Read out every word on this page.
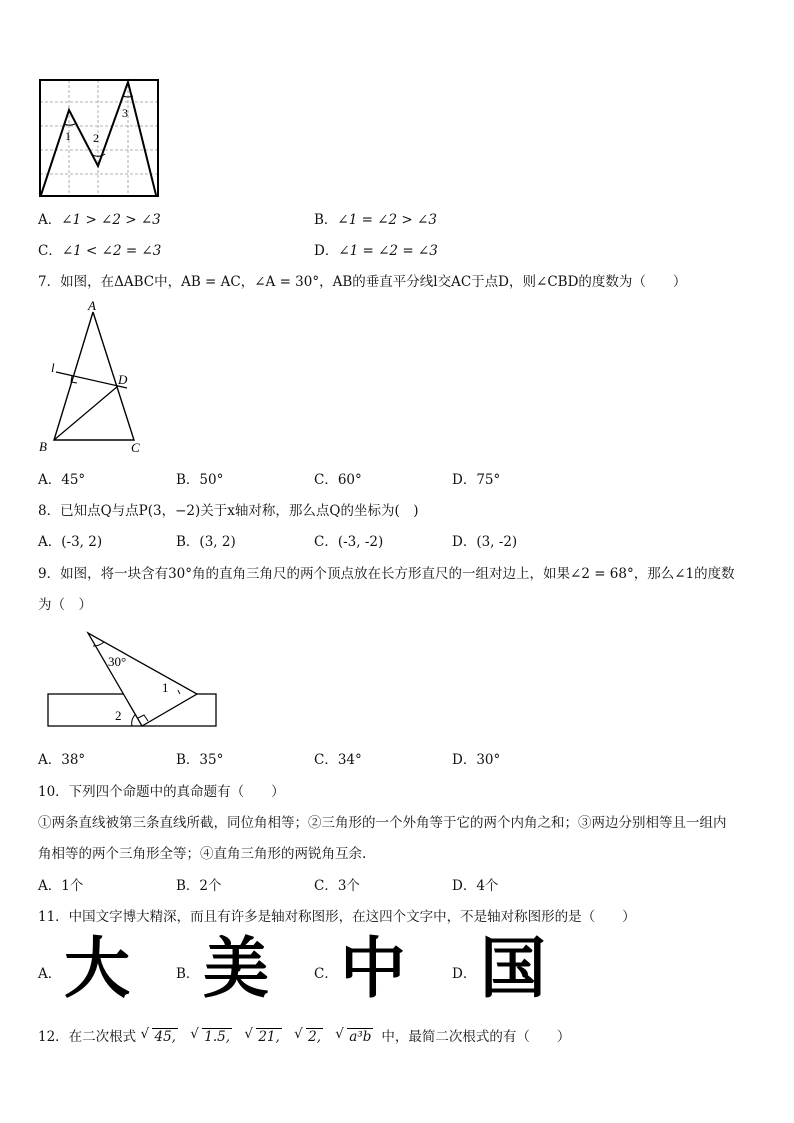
1 2
3
A．∠1 > ∠2 > ∠3	B．∠1 = ∠2 > ∠3
C．∠1 < ∠2 = ∠3	D．∠1 = ∠2 = ∠3
7．如图，在ΔABC中，AB = AC，∠A = 30°，AB的垂直平分线l交AC于点D，则∠CBD的度数为（　　）
A
B	C
D
l
A．45°	B．50°	C．60°	D．75°
8．已知点Q与点P(3，−2)关于x轴对称，那么点Q的坐标为(　)
A．(-3, 2)	B．(3, 2)	C．(-3, -2)	D．(3, -2)
9．如图，将一块含有30°角的直角三角尺的两个顶点放在长方形直尺的一组对边上，如果∠2 = 68°，那么∠1的度数
为（　）
30°
1
2
A．38°	B．35°	C．34°	D．30°
10．下列四个命题中的真命题有（　　）
①两条直线被第三条直线所截，同位角相等；②三角形的一个外角等于它的两个内角之和；③两边分别相等且一组内
角相等的两个三角形全等；④直角三角形的两锐角互余.
A．1个	B．2个	C．3个	D．4个
11．中国文字博大精深，而且有许多是轴对称图形，在这四个文字中，不是轴对称图形的是（　　）
A． 大	B． 美	C． 中	D． 国
12．在二次根式 √ 45, √ 1.5, √ 21, √ 2, √ a³b 中，最简二次根式的有（　　）
